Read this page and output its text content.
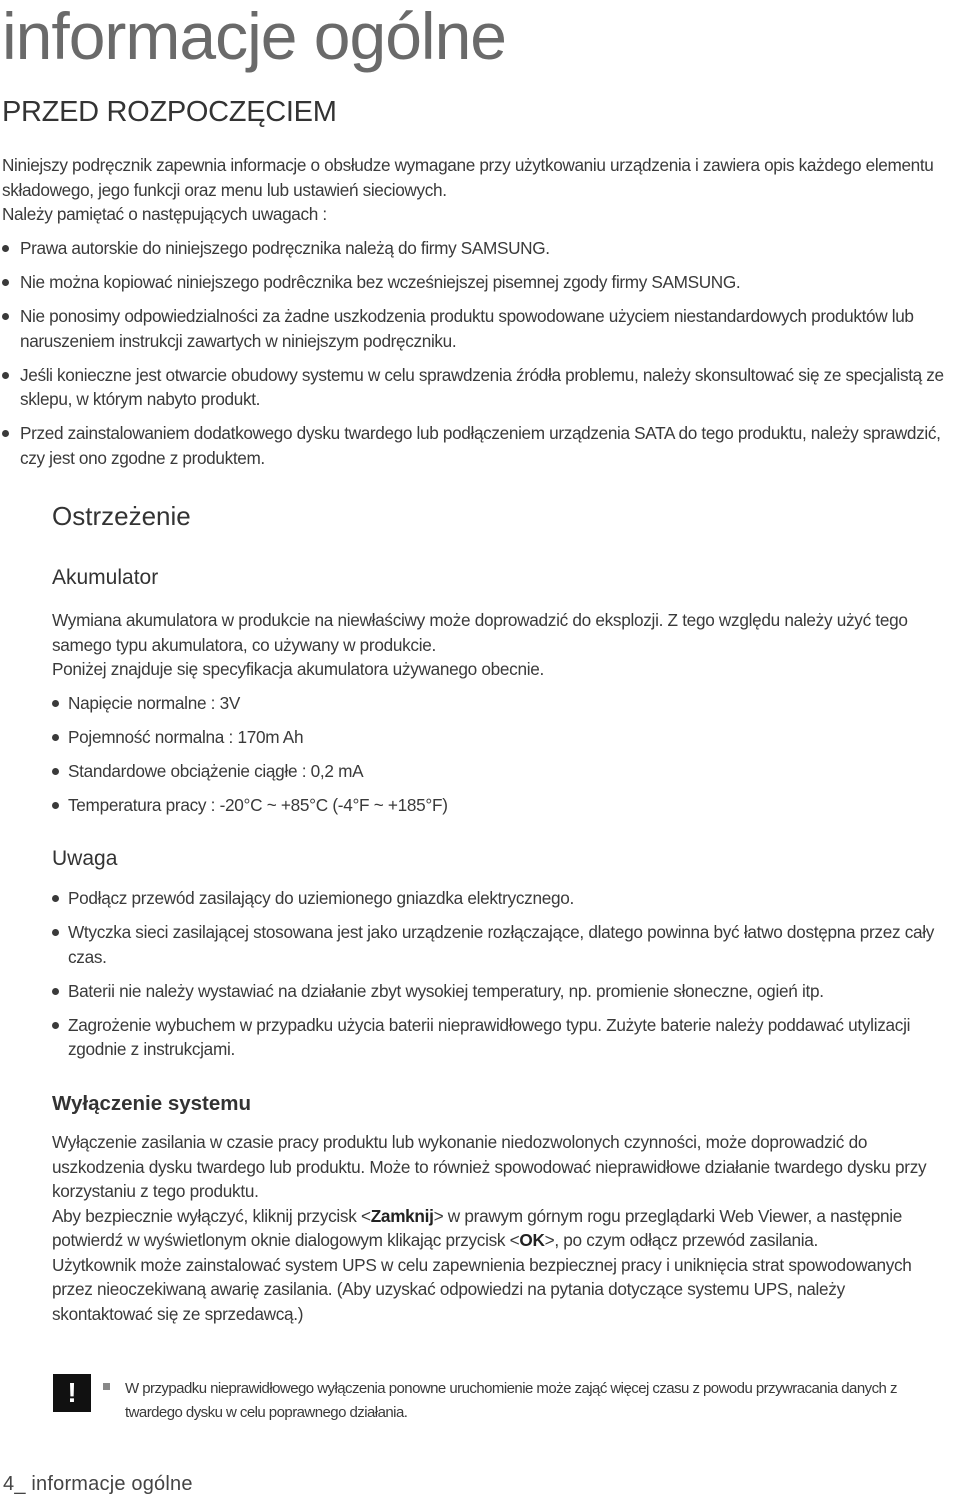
informacje ogólne
PRZED ROZPOCZĘCIEM

Niniejszy podręcznik zapewnia informacje o obsłudze wymagane przy użytkowaniu urządzenia i zawiera opis każdego elementu składowego, jego funkcji oraz menu lub ustawień sieciowych.
Należy pamiętać o następujących uwagach :

Prawa autorskie do niniejszego podręcznika należą do firmy SAMSUNG.
Nie można kopiować niniejszego podrêcznika bez wcześniejszej pisemnej zgody firmy SAMSUNG.
Nie ponosimy odpowiedzialności za żadne uszkodzenia produktu spowodowane użyciem niestandardowych produktów lub naruszeniem instrukcji zawartych w niniejszym podręczniku.
Jeśli konieczne jest otwarcie obudowy systemu w celu sprawdzenia źródła problemu, należy skonsultować się ze specjalistą ze sklepu, w którym nabyto produkt.
Przed zainstalowaniem dodatkowego dysku twardego lub podłączeniem urządzenia SATA do tego produktu, należy sprawdzić, czy jest ono zgodne z produktem.
Ostrzeżenie
Akumulator

Wymiana akumulatora w produkcie na niewłaściwy może doprowadzić do eksplozji. Z tego względu należy użyć tego samego typu akumulatora, co używany w produkcie.
Poniżej znajduje się specyfikacja akumulatora używanego obecnie.

Napięcie normalne : 3V
Pojemność normalna : 170m Ah
Standardowe obciążenie ciągłe : 0,2 mA
Temperatura pracy : -20°C ~ +85°C (-4°F ~ +185°F)
Uwaga
Podłącz przewód zasilający do uziemionego gniazdka elektrycznego.
Wtyczka sieci zasilającej stosowana jest jako urządzenie rozłączające, dlatego powinna być łatwo dostępna przez cały czas.
Baterii nie należy wystawiać na działanie zbyt wysokiej temperatury, np. promienie słoneczne, ogień itp.
Zagrożenie wybuchem w przypadku użycia baterii nieprawidłowego typu. Zużyte baterie należy poddawać utylizacji zgodnie z instrukcjami.
Wyłączenie systemu

Wyłączenie zasilania w czasie pracy produktu lub wykonanie niedozwolonych czynności, może doprowadzić do uszkodzenia dysku twardego lub produktu. Może to również spowodować nieprawidłowe działanie twardego dysku przy korzystaniu z tego produktu.
Aby bezpiecznie wyłączyć, kliknij przycisk <Zamknij> w prawym górnym rogu przeglądarki Web Viewer, a następnie potwierdź w wyświetlonym oknie dialogowym klikając przycisk <OK>, po czym odłącz przewód zasilania.
Użytkownik może zainstalować system UPS w celu zapewnienia bezpiecznej pracy i uniknięcia strat spowodowanych przez nieoczekiwaną awarię zasilania. (Aby uzyskać odpowiedzi na pytania dotyczące systemu UPS, należy skontaktować się ze sprzedawcą.)

!	W przypadku nieprawidłowego wyłączenia ponowne uruchomienie może zająć więcej czasu z powodu przywracania danych z twardego dysku w celu poprawnego działania.

4_ informacje ogólne
